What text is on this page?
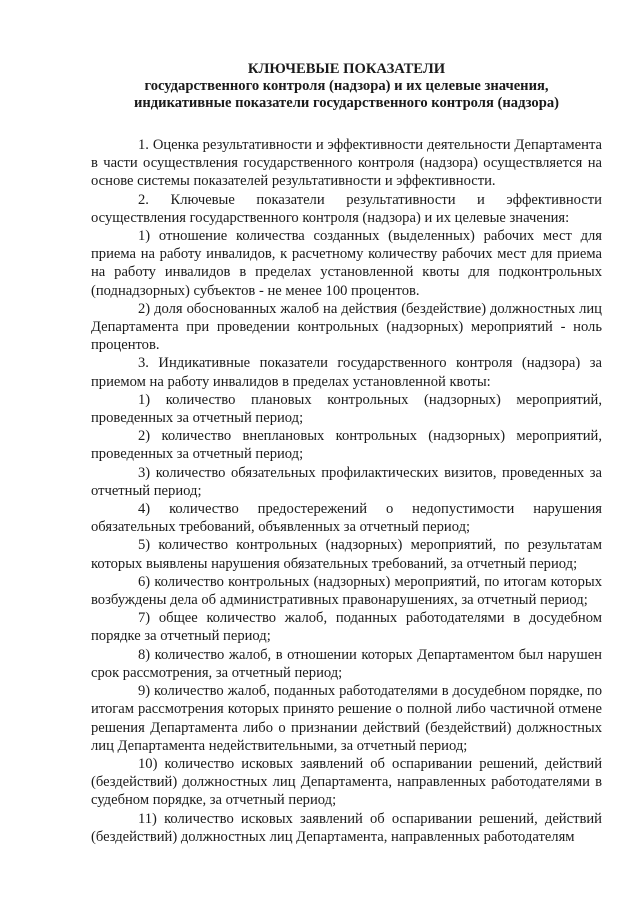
КЛЮЧЕВЫЕ ПОКАЗАТЕЛИ
государственного контроля (надзора) и их целевые значения,
индикативные показатели государственного контроля (надзора)

1. Оценка результативности и эффективности деятельности Департамента в части осуществления государственного контроля (надзора) осуществляется на основе системы показателей результативности и эффективности.

2. Ключевые показатели результативности и эффективности осуществления государственного контроля (надзора) и их целевые значения:

1) отношение количества созданных (выделенных) рабочих мест для приема на работу инвалидов, к расчетному количеству рабочих мест для приема на работу инвалидов в пределах установленной квоты для подконтрольных (поднадзорных) субъектов - не менее 100 процентов.

2) доля обоснованных жалоб на действия (бездействие) должностных лиц Департамента при проведении контрольных (надзорных) мероприятий - ноль процентов.

3. Индикативные показатели государственного контроля (надзора) за приемом на работу инвалидов в пределах установленной квоты:

1) количество плановых контрольных (надзорных) мероприятий, проведенных за отчетный период;

2) количество внеплановых контрольных (надзорных) мероприятий, проведенных за отчетный период;

3) количество обязательных профилактических визитов, проведенных за отчетный период;

4) количество предостережений о недопустимости нарушения обязательных требований, объявленных за отчетный период;

5) количество контрольных (надзорных) мероприятий, по результатам которых выявлены нарушения обязательных требований, за отчетный период;

6) количество контрольных (надзорных) мероприятий, по итогам которых возбуждены дела об административных правонарушениях, за отчетный период;

7) общее количество жалоб, поданных работодателями в досудебном порядке за отчетный период;

8) количество жалоб, в отношении которых Департаментом был нарушен срок рассмотрения, за отчетный период;

9) количество жалоб, поданных работодателями в досудебном порядке, по итогам рассмотрения которых принято решение о полной либо частичной отмене решения Департамента либо о признании действий (бездействий) должностных лиц Департамента недействительными, за отчетный период;

10) количество исковых заявлений об оспаривании решений, действий (бездействий) должностных лиц Департамента, направленных работодателями в судебном порядке, за отчетный период;

11) количество исковых заявлений об оспаривании решений, действий (бездействий) должностных лиц Департамента, направленных работодателям
